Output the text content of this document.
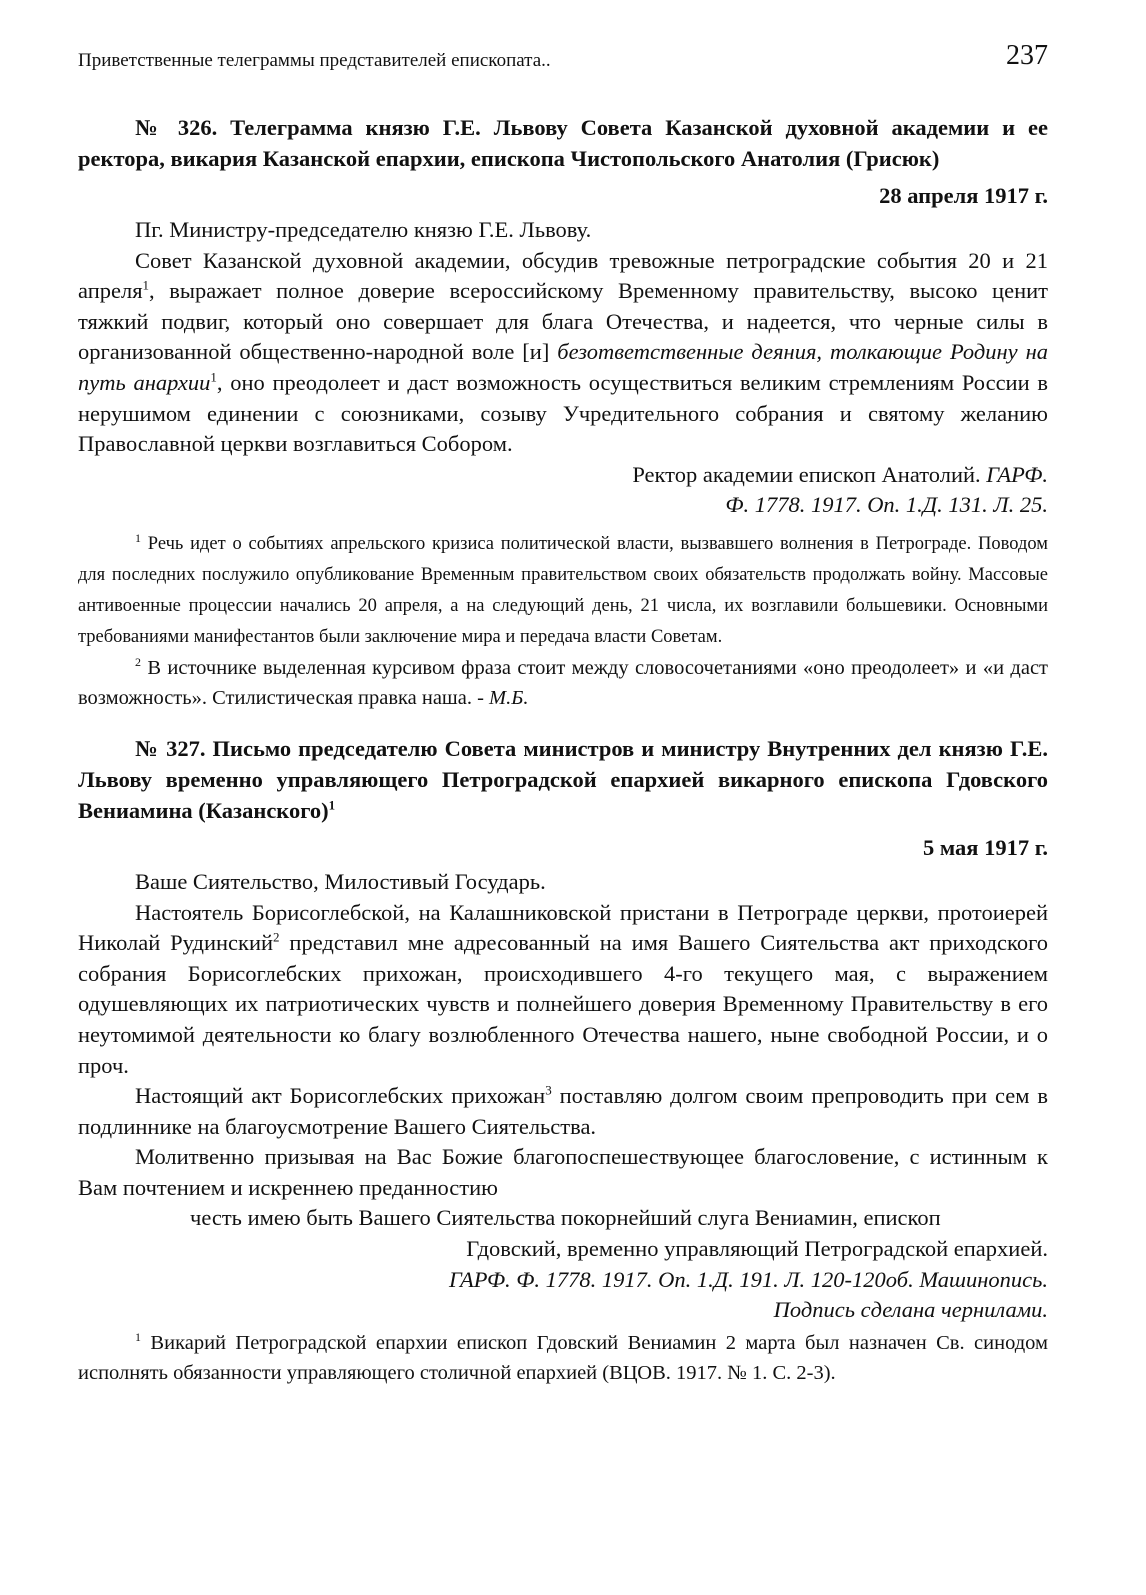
Приветственные телеграммы представителей епископата..	237

№ 326. Телеграмма князю Г.Е. Львову Совета Казанской духовной академии и ее ректора, викария Казанской епархии, епископа Чистопольского Анатолия (Грисюк)

28 апреля 1917 г.

Пг. Министру-председателю князю Г.Е. Львову.

Совет Казанской духовной академии, обсудив тревожные петроградские события 20 и 21 апреля$^1$, выражает полное доверие всероссийскому Временному правительству, высоко ценит тяжкий подвиг, который оно совершает для блага Отечества, и надеется, что черные силы в организованной общественно-народной воле [и] безответственные деяния, толкающие Родину на путь анархии$^1$, оно преодолеет и даст возможность осуществиться великим стремлениям России в нерушимом единении с союзниками, созыву Учредительного собрания и святому желанию Православной церкви возглавиться Собором.

Ректор академии епископ Анатолий. ГАРФ.

Ф. 1778. 1917. Оп. 1.Д. 131. Л. 25.

$^1$ Речь идет о событиях апрельского кризиса политической власти, вызвавшего волнения в Петрограде. Поводом для последних послужило опубликование Временным правительством своих обязательств продолжать войну. Массовые антивоенные процессии начались 20 апреля, а на следующий день, 21 числа, их возглавили большевики. Основными требованиями манифестантов были заключение мира и передача власти Советам.

$^2$ В источнике выделенная курсивом фраза стоит между словосочетаниями «оно преодолеет» и «и даст возможность». Стилистическая правка наша. - М.Б.

№ 327. Письмо председателю Совета министров и министру Внутренних дел князю Г.Е. Львову временно управляющего Петроградской епархией викарного епископа Гдовского Вениамина (Казанского)$^1$

5 мая 1917 г.

Ваше Сиятельство, Милостивый Государь.

Настоятель Борисоглебской, на Калашниковской пристани в Петрограде церкви, протоиерей Николай Рудинский$^2$ представил мне адресованный на имя Вашего Сиятельства акт приходского собрания Борисоглебских прихожан, происходившего 4-го текущего мая, с выражением одушевляющих их патриотических чувств и полнейшего доверия Временному Правительству в его неутомимой деятельности ко благу возлюбленного Отечества нашего, ныне свободной России, и о проч.

Настоящий акт Борисоглебских прихожан$^3$ поставляю долгом своим препроводить при сем в подлиннике на благоусмотрение Вашего Сиятельства.

Молитвенно призывая на Вас Божие благопоспешествующее благословение, с истинным к Вам почтением и искреннею преданностию

честь имею быть Вашего Сиятельства покорнейший слуга Вениамин, епископ

Гдовский, временно управляющий Петроградской епархией.

ГАРФ. Ф. 1778. 1917. Оп. 1.Д. 191. Л. 120-120об. Машинопись.

Подпись сделана чернилами.

$^1$ Викарий Петроградской епархии епископ Гдовский Вениамин 2 марта был назначен Св. синодом исполнять обязанности управляющего столичной епархией (ВЦОВ. 1917. № 1. С. 2-3).
